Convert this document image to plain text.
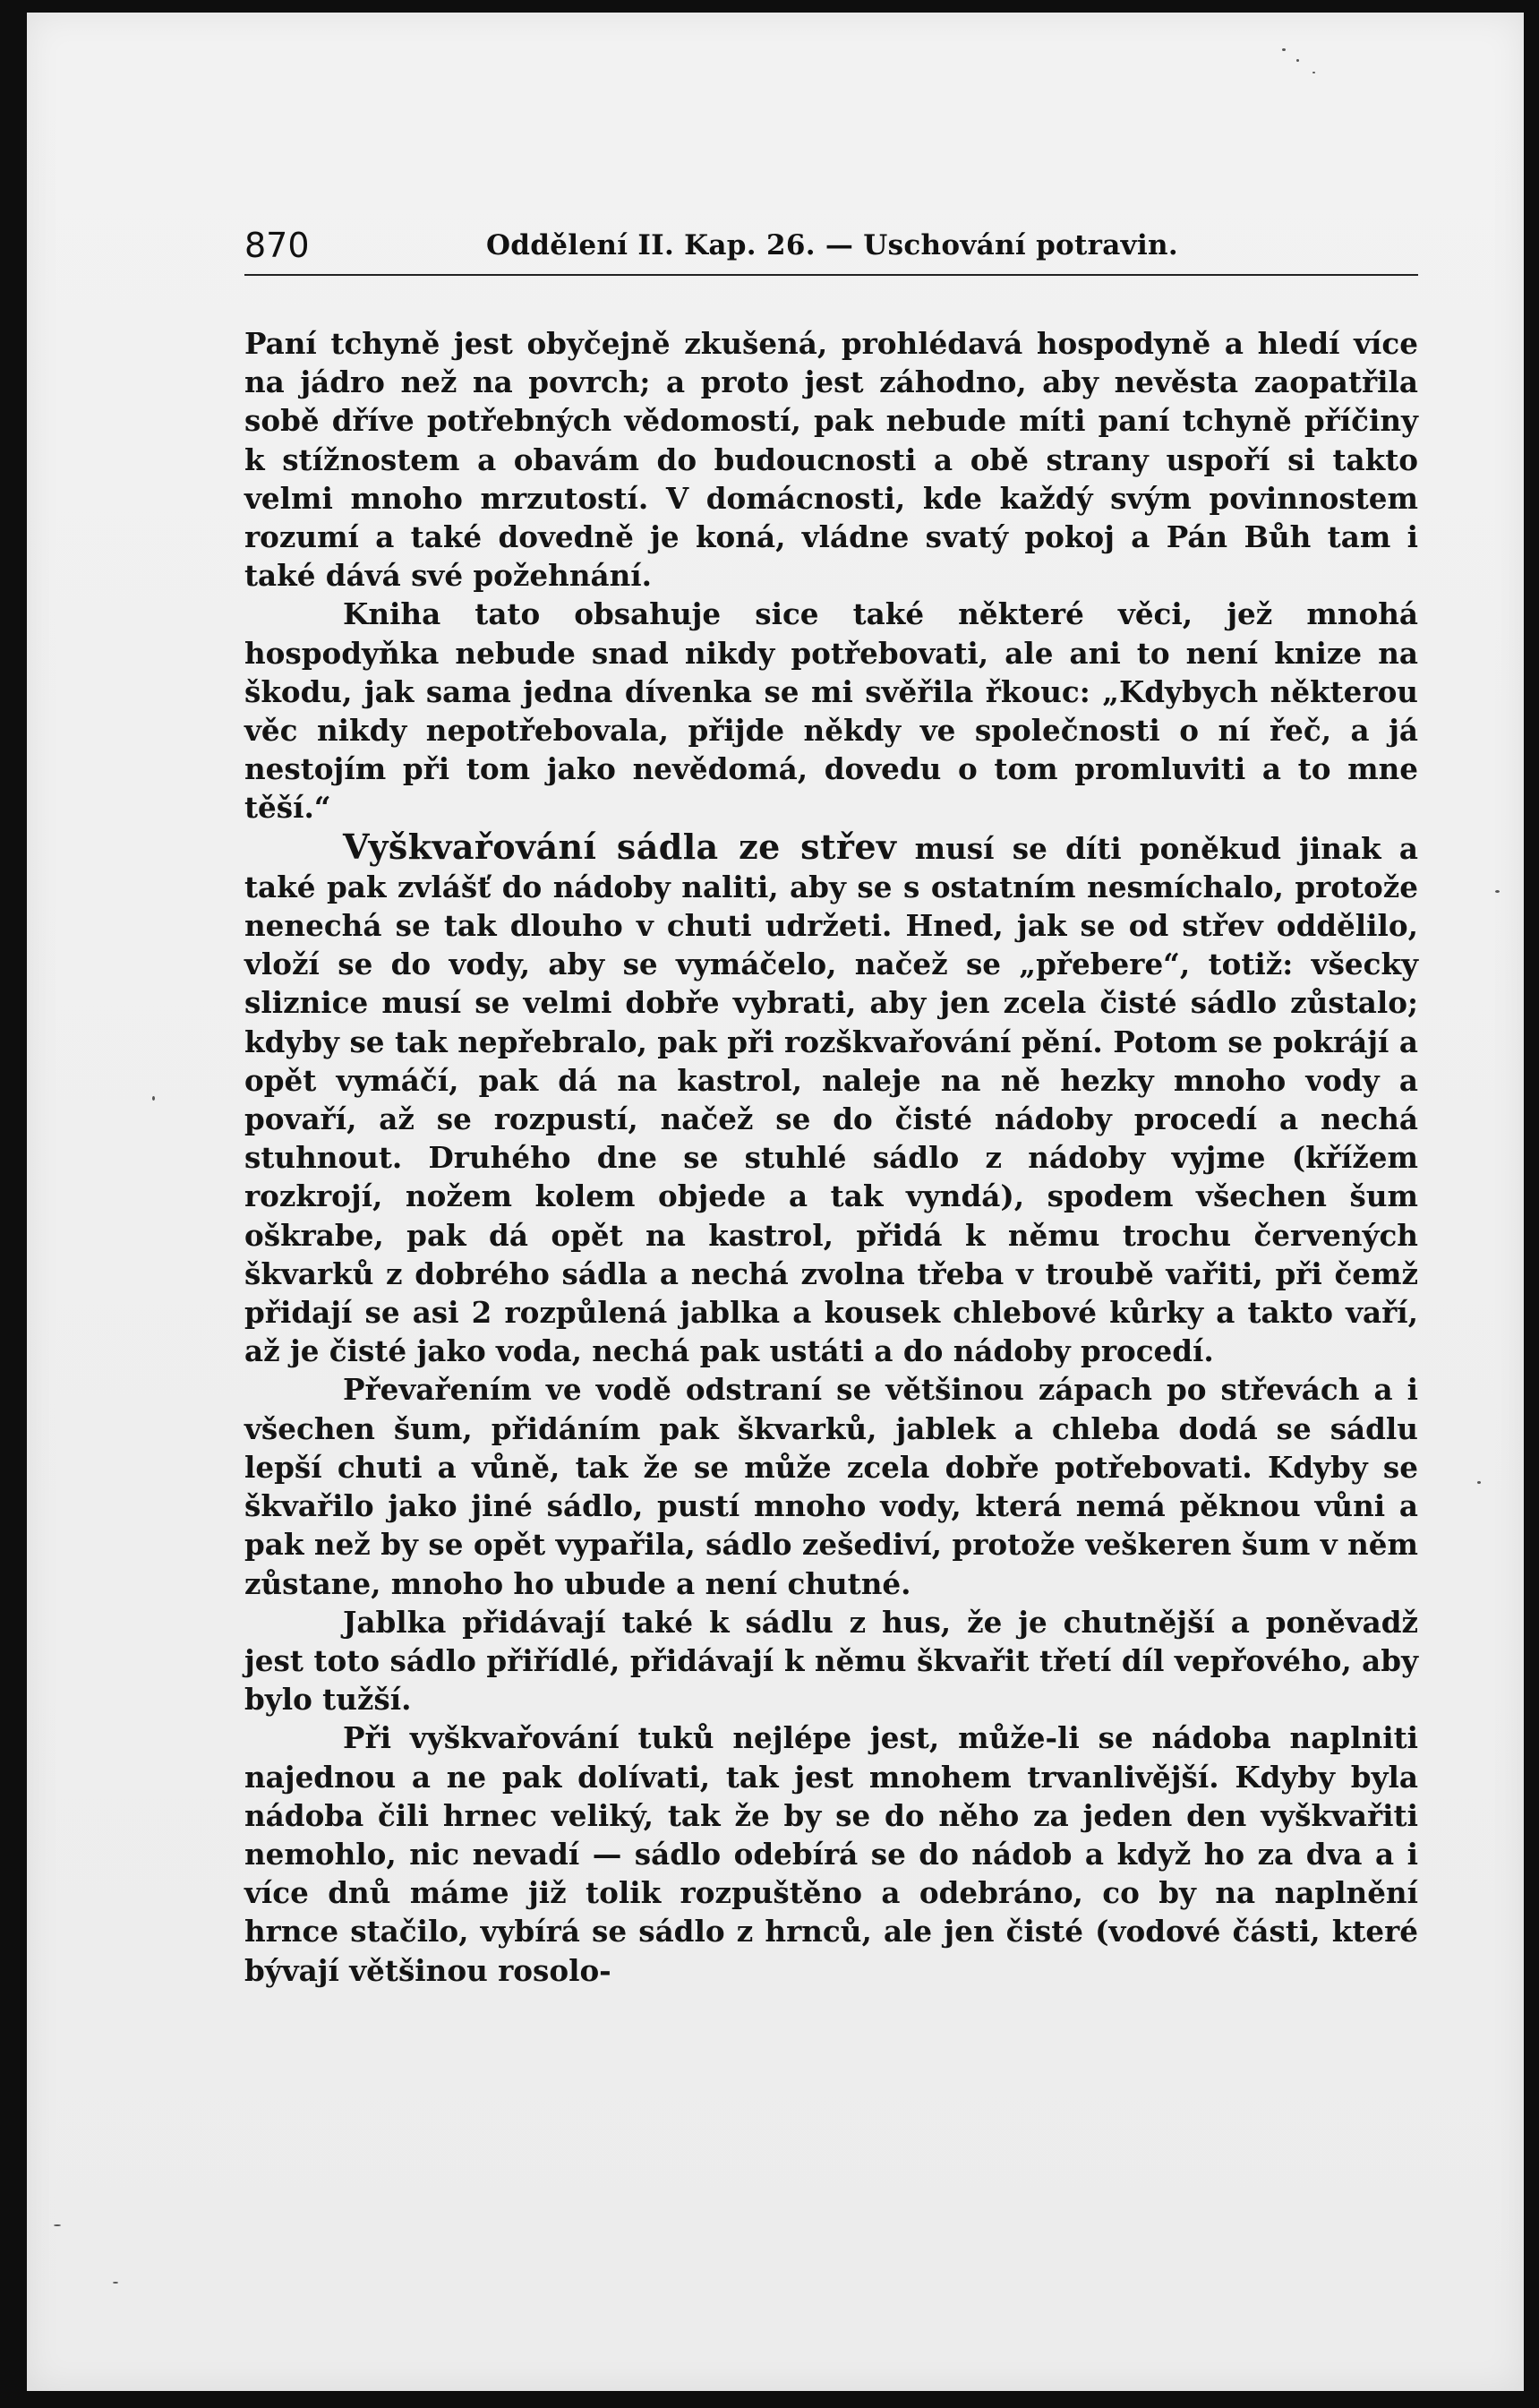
870	Oddělení II. Kap. 26. — Uschování potravin.

Paní tchyně jest obyčejně zkušená, prohlédavá hospodyně a hledí více na jádro než na povrch; a proto jest záhodno, aby nevěsta zaopatřila sobě dříve potřebných vědomostí, pak nebude míti paní tchyně příčiny k stížnostem a obavám do budoucnosti a obě strany uspoří si takto velmi mnoho mrzutostí. V domácnosti, kde každý svým povinnostem rozumí a také dovedně je koná, vládne svatý pokoj a Pán Bůh tam i také dává své požehnání.

Kniha tato obsahuje sice také některé věci, jež mnohá hospodyňka nebude snad nikdy potřebovati, ale ani to není knize na škodu, jak sama jedna dívenka se mi svěřila řkouc: „Kdybych některou věc nikdy nepotřebovala, přijde někdy ve společnosti o ní řeč, a já nestojím při tom jako nevědomá, dovedu o tom promluviti a to mne těší.“

Vyškvařování sádla ze střev musí se díti poněkud jinak a také pak zvlášť do nádoby naliti, aby se s ostatním nesmíchalo, protože nenechá se tak dlouho v chuti udržeti. Hned, jak se od střev oddělilo, vloží se do vody, aby se vymáčelo, načež se „přebere“, totiž: všecky sliznice musí se velmi dobře vybrati, aby jen zcela čisté sádlo zůstalo; kdyby se tak nepřebralo, pak při rozškvařování pění. Potom se pokrájí a opět vymáčí, pak dá na kastrol, naleje na ně hezky mnoho vody a povaří, až se rozpustí, načež se do čisté nádoby procedí a nechá stuhnout. Druhého dne se stuhlé sádlo z nádoby vyjme (křížem rozkrojí, nožem kolem objede a tak vyndá), spodem všechen šum oškrabe, pak dá opět na kastrol, přidá k němu trochu červených škvarků z dobrého sádla a nechá zvolna třeba v troubě vařiti, při čemž přidají se asi 2 rozpůlená jablka a kousek chlebové kůrky a takto vaří, až je čisté jako voda, nechá pak ustáti a do nádoby procedí.

Převařením ve vodě odstraní se většinou zápach po střevách a i všechen šum, přidáním pak škvarků, jablek a chleba dodá se sádlu lepší chuti a vůně, tak že se může zcela dobře potřebovati. Kdyby se škvařilo jako jiné sádlo, pustí mnoho vody, která nemá pěknou vůni a pak než by se opět vypařila, sádlo zešediví, protože veškeren šum v něm zůstane, mnoho ho ubude a není chutné.

Jablka přidávají také k sádlu z hus, že je chutnější a poněvadž jest toto sádlo přiřídlé, přidávají k němu škvařit třetí díl vepřového, aby bylo tužší.

Při vyškvařování tuků nejlépe jest, může-li se nádoba naplniti najednou a ne pak dolívati, tak jest mnohem trvanlivější. Kdyby byla nádoba čili hrnec veliký, tak že by se do něho za jeden den vyškvařiti nemohlo, nic nevadí — sádlo odebírá se do nádob a když ho za dva a i více dnů máme již tolik rozpuštěno a odebráno, co by na naplnění hrnce stačilo, vybírá se sádlo z hrnců, ale jen čisté (vodové části, které bývají většinou rosolo-
